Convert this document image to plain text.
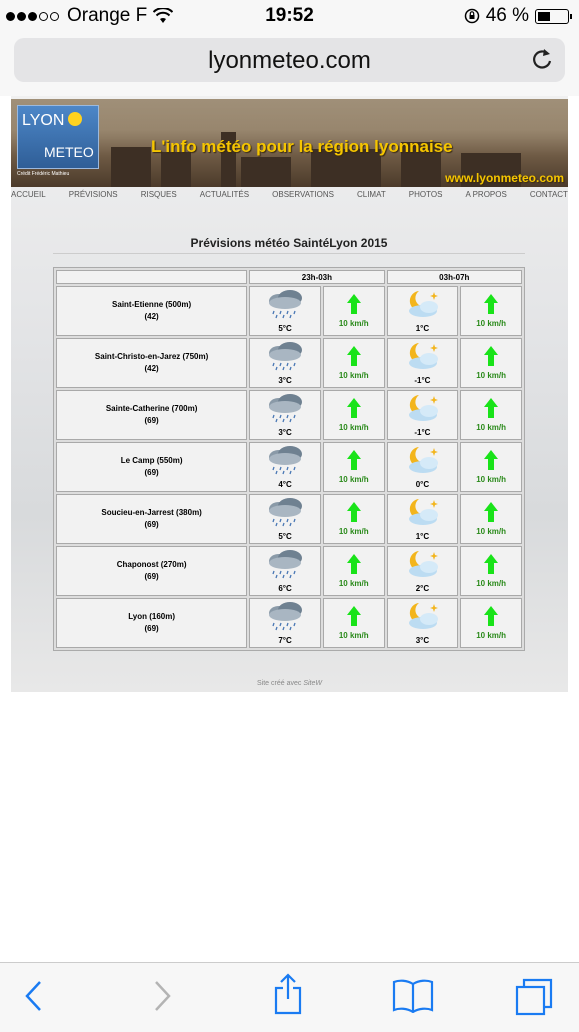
Orange F	19:52	46 %
lyonmeteo.com
LYON
METEO
Crédit Frédéric Mathieu
L'info météo pour la région lyonnaise
www.lyonmeteo.com
ACCUEIL	PRÉVISIONS	RISQUES	ACTUALITÉS	OBSERVATIONS	CLIMAT	PHOTOS	A PROPOS	CONTACT
Prévisions météo SaintéLyon 2015
	23h-03h		03h-07h	

Saint-Etienne (500m)
(42)	5°C	10 km/h	1°C	10 km/h

Saint-Christo-en-Jarez (750m)
(42)	3°C	10 km/h	-1°C	10 km/h

Sainte-Catherine (700m)
(69)	3°C	10 km/h	-1°C	10 km/h

Le Camp (550m)
(69)	4°C	10 km/h	0°C	10 km/h

Soucieu-en-Jarrest (380m)
(69)	5°C	10 km/h	1°C	10 km/h

Chaponost (270m)
(69)	6°C	10 km/h	2°C	10 km/h

Lyon (160m)
(69)	7°C	10 km/h	3°C	10 km/h
Site créé avec SiteW
